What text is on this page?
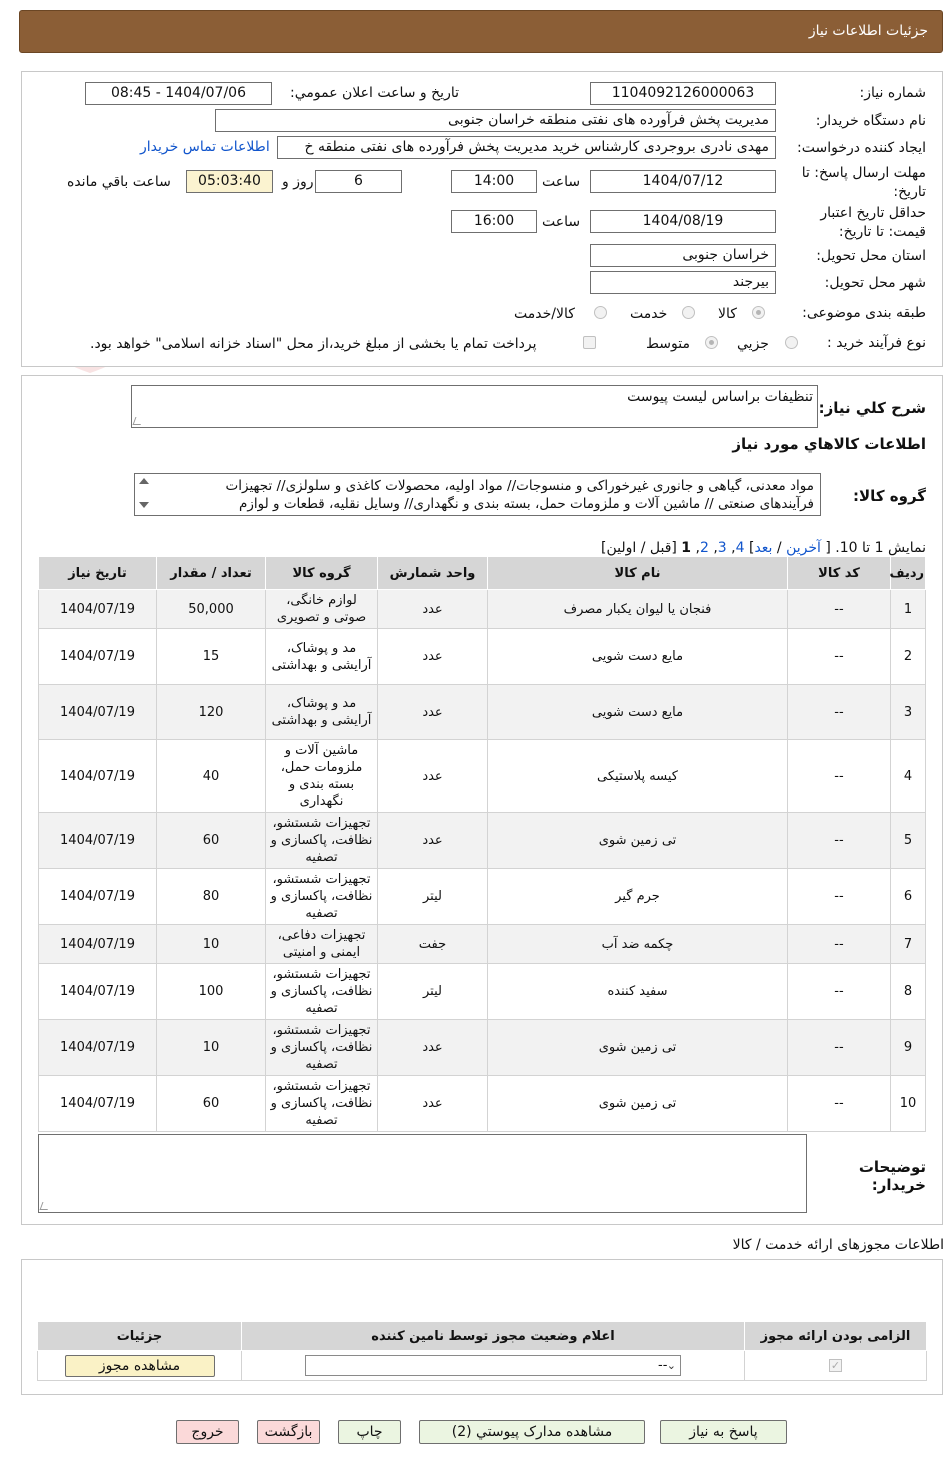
جزئیات اطلاعات نیاز
شماره نیاز:
1104092126000063
تاریخ و ساعت اعلان عمومي:
1404/07/06 - 08:45
نام دستگاه خریدار:
مدیریت پخش فرآورده های نفتی منطقه خراسان جنوبی
ایجاد کننده درخواست:
مهدی نادری بروجردی کارشناس خرید مدیریت پخش فرآورده های نفتی منطقه خ
اطلاعات تماس خریدار
مهلت ارسال پاسخ: تا
تاریخ:
1404/07/12
ساعت
14:00
6
روز و
05:03:40
ساعت باقي مانده
حداقل تاریخ اعتبار
قیمت: تا تاریخ:
1404/08/19
ساعت
16:00
استان محل تحویل:
خراسان جنوبی
شهر محل تحویل:
بیرجند
طبقه بندی موضوعی:
کالا
خدمت
کالا/خدمت
نوع فرآیند خرید :
جزيي
متوسط
پرداخت تمام یا بخشی از مبلغ خرید،از محل "اسناد خزانه اسلامی" خواهد بود.
شرح کلي نياز:
تنظیفات براساس لیست پیوست
اطلاعات کالاهاي مورد نياز
گروه کالا:
مواد معدنی، گیاهی و جانوری غیرخوراکی و منسوجات// مواد اولیه، محصولات کاغذی و سلولزی// تجهیزات
فرآیندهای صنعتی // ماشین آلات و ملزومات حمل، بسته بندی و نگهداری// وسایل نقلیه، قطعات و لوازم
نمایش 1 تا 10. [ آخرین / بعد] 4, 3, 2, 1 [قبل / اولین]
ردیف	کد کالا	نام کالا	واحد شمارش	گروه کالا	تعداد / مقدار	تاریخ نیاز
1	--	فنجان یا لیوان یکبار مصرف	عدد	لوازم خانگی، صوتی و تصویری	50,000	1404/07/19
2	--	مایع دست شویی	عدد	مد و پوشاک، آرایشی و بهداشتی	15	1404/07/19
3	--	مایع دست شویی	عدد	مد و پوشاک، آرایشی و بهداشتی	120	1404/07/19
4	--	کیسه پلاستیکی	عدد	ماشین آلات و ملزومات حمل، بسته بندی و نگهداری	40	1404/07/19
5	--	تی زمین شوی	عدد	تجهیزات شستشو، نظافت، پاکسازی و تصفیه	60	1404/07/19
6	--	جرم گیر	لیتر	تجهیزات شستشو، نظافت، پاکسازی و تصفیه	80	1404/07/19
7	--	چکمه ضد آب	جفت	تجهیزات دفاعی، ایمنی و امنیتی	10	1404/07/19
8	--	سفید کننده	لیتر	تجهیزات شستشو، نظافت، پاکسازی و تصفیه	100	1404/07/19
9	--	تی زمین شوی	عدد	تجهیزات شستشو، نظافت، پاکسازی و تصفیه	10	1404/07/19
10	--	تی زمین شوی	عدد	تجهیزات شستشو، نظافت، پاکسازی و تصفیه	60	1404/07/19
توضیحات
خریدار:
اطلاعات مجوزهای ارائه خدمت / کالا
الزامی بودن ارائه مجوز	اعلام وضعیت مجوز توسط نامین کننده	جزئیات
✓	-- ⌄	مشاهده مجوز
پاسخ به نياز
مشاهده مدارک پيوستي (2)
چاپ
بازگشت
خروج
